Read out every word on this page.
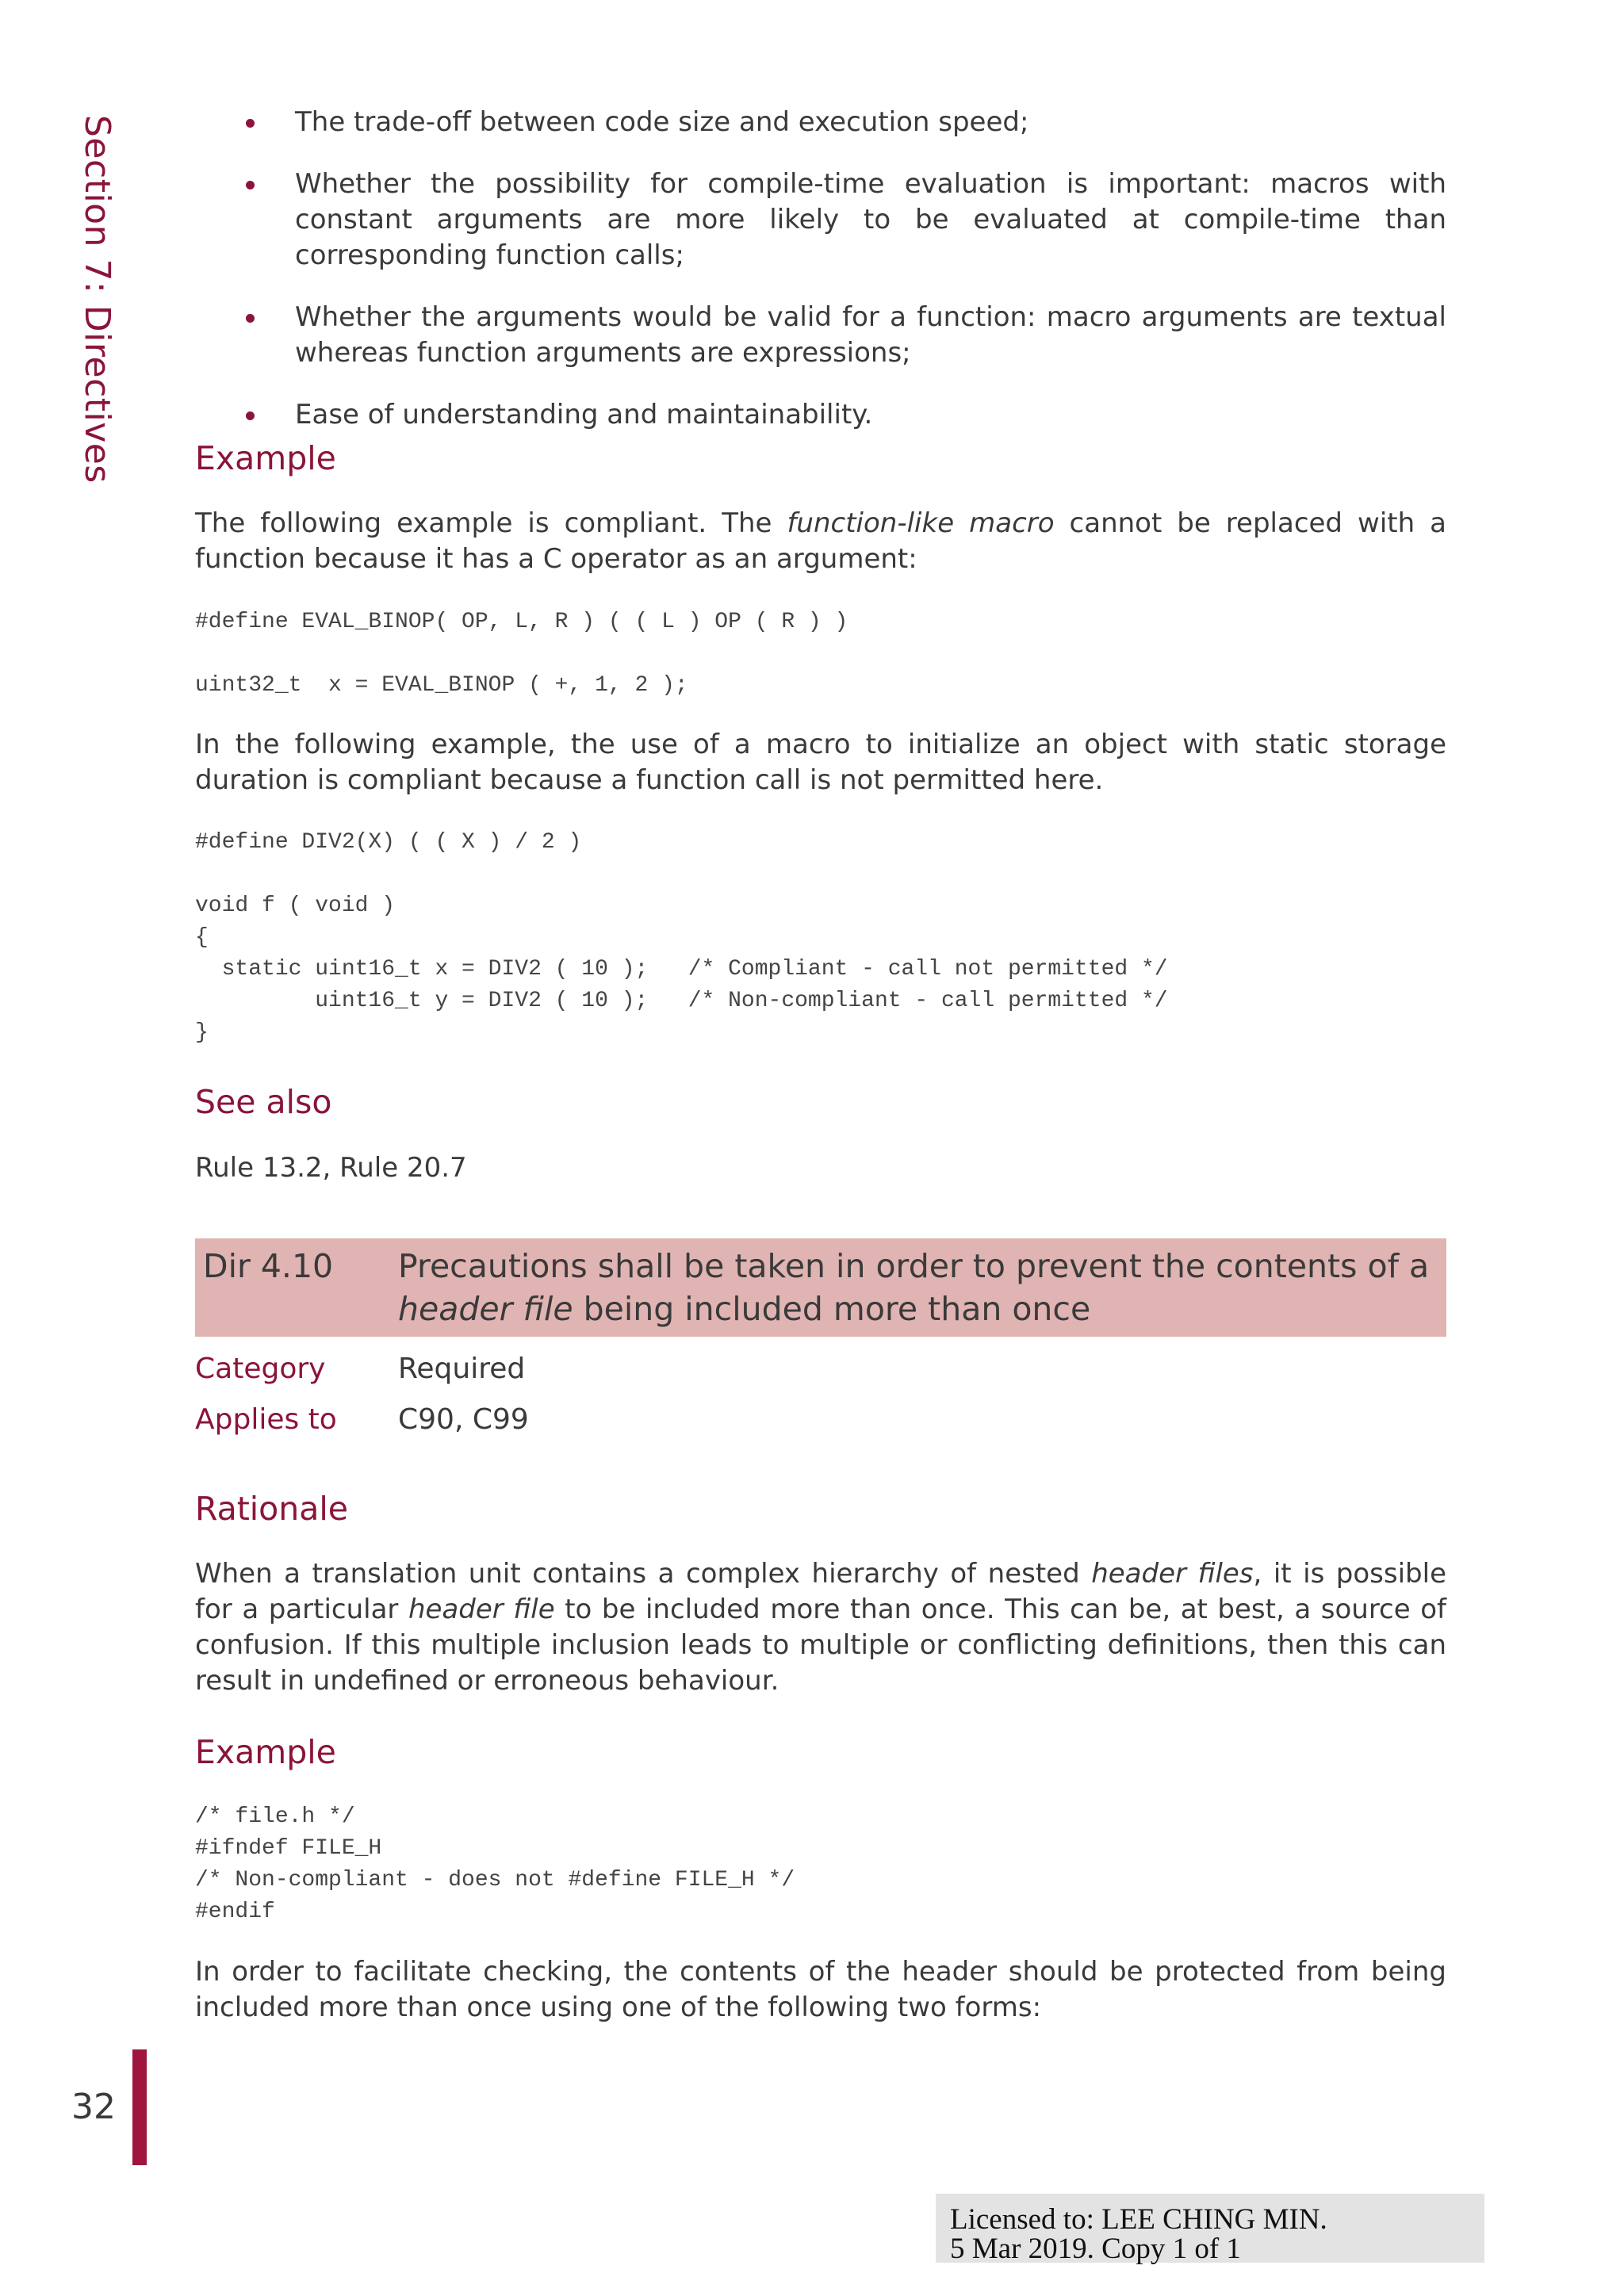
Section 7: Directives	The trade-off between code size and execution speed;
Whether the possibility for compile-time evaluation is important: macros with constant arguments are more likely to be evaluated at compile-time than corresponding function calls;
Whether the arguments would be valid for a function: macro arguments are textual whereas function arguments are expressions;
Ease of understanding and maintainability.
Example
The following example is compliant. The function-like macro cannot be replaced with a function because it has a C operator as an argument:
#define EVAL_BINOP( OP, L, R ) ( ( L ) OP ( R ) )
uint32_t  x = EVAL_BINOP ( +, 1, 2 );
In the following example, the use of a macro to initialize an object with static storage duration is compliant because a function call is not permitted here.
#define DIV2(X) ( ( X ) / 2 )
void f ( void )
{
static uint16_t x = DIV2 ( 10 );   /* Compliant - call not permitted */
uint16_t y = DIV2 ( 10 );   /* Non-compliant - call permitted */
}
See also
Rule 13.2, Rule 20.7
Dir 4.10 Precautions shall be taken in order to prevent the contents of a header file being included more than once
Category	Required
Applies to C90, C99
Rationale
When a translation unit contains a complex hierarchy of nested header files, it is possible for a particular header file to be included more than once. This can be, at best, a source of confusion. If this multiple inclusion leads to multiple or conflicting definitions, then this can result in undefined or erroneous behaviour.
Example
/* file.h */
#ifndef FILE_H
/* Non-compliant - does not #define FILE_H */
#endif
In order to facilitate checking, the contents of the header should be protected from being included more than once using one of the following two forms:
32
Licensed to: LEE CHING MIN.
5 Mar 2019. Copy 1 of 1
